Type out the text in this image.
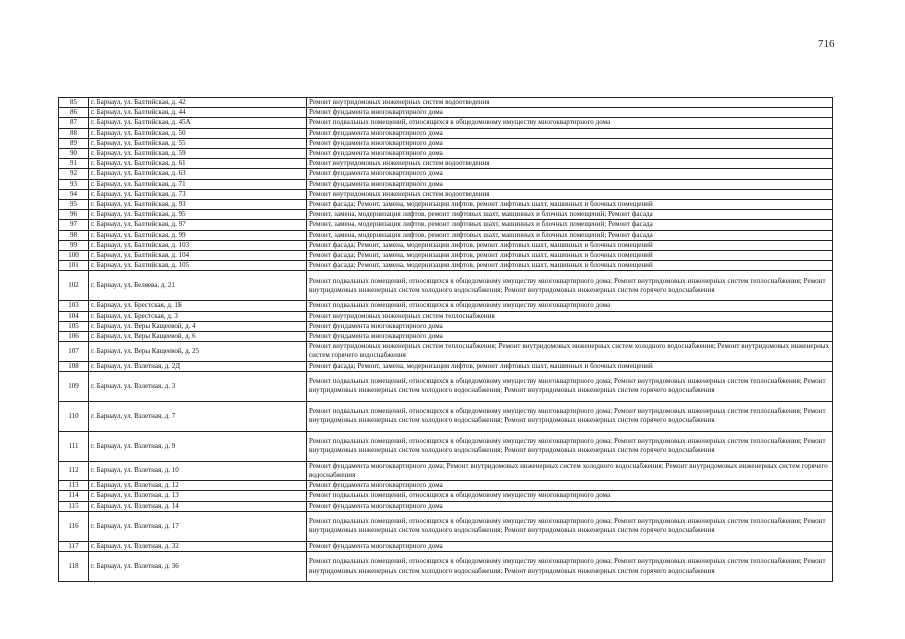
716
85	г. Барнаул, ул. Балтийская, д. 42	Ремонт внутридомовых инженерных систем водоотведения
86	г. Барнаул, ул. Балтийская, д. 44	Ремонт фундамента многоквартирного дома
87	г. Барнаул, ул. Балтийская, д. 45А	Ремонт подвальных помещений, относящихся к общедомовому имуществу многоквартирного дома
88	г. Барнаул, ул. Балтийская, д. 50	Ремонт фундамента многоквартирного дома
89	г. Барнаул, ул. Балтийская, д. 55	Ремонт фундамента многоквартирного дома
90	г. Барнаул, ул. Балтийская, д. 59	Ремонт фундамента многоквартирного дома
91	г. Барнаул, ул. Балтийская, д. 61	Ремонт внутридомовых инженерных систем водоотведения
92	г. Барнаул, ул. Балтийская, д. 63	Ремонт фундамента многоквартирного дома
93	г. Барнаул, ул. Балтийская, д. 71	Ремонт фундамента многоквартирного дома
94	г. Барнаул, ул. Балтийская, д. 73	Ремонт внутридомовых инженерных систем водоотведения
95	г. Барнаул, ул. Балтийская, д. 93	Ремонт фасада; Ремонт, замена, модернизация лифтов, ремонт лифтовых шахт, машинных и блочных помещений
96	г. Барнаул, ул. Балтийская, д. 95	Ремонт, замена, модернизация лифтов, ремонт лифтовых шахт, машинных и блочных помещений; Ремонт фасада
97	г. Барнаул, ул. Балтийская, д. 97	Ремонт, замена, модернизация лифтов, ремонт лифтовых шахт, машинных и блочных помещений; Ремонт фасада
98	г. Барнаул, ул. Балтийская, д. 99	Ремонт, замена, модернизация лифтов, ремонт лифтовых шахт, машинных и блочных помещений; Ремонт фасада
99	г. Барнаул, ул. Балтийская, д. 103	Ремонт фасада; Ремонт, замена, модернизация лифтов, ремонт лифтовых шахт, машинных и блочных помещений
100	г. Барнаул, ул. Балтийская, д. 104	Ремонт фасада; Ремонт, замена, модернизация лифтов, ремонт лифтовых шахт, машинных и блочных помещений
101	г. Барнаул, ул. Балтийская, д. 105	Ремонт фасада; Ремонт, замена, модернизация лифтов, ремонт лифтовых шахт, машинных и блочных помещений
102	г. Барнаул, ул. Беляева, д. 21	Ремонт подвальных помещений, относящихся к общедомовому имуществу многоквартирного дома; Ремонт внутридомовых инженерных систем теплоснабжения; Ремонт внутридомовых инженерных систем холодного водоснабжения; Ремонт внутридомовых инженерных систем горячего водоснабжения
103	г. Барнаул, ул. Брестская, д. 1Б	Ремонт подвальных помещений, относящихся к общедомовому имуществу многоквартирного дома
104	г. Барнаул, ул. Брестская, д. 3	Ремонт внутридомовых инженерных систем теплоснабжения
105	г. Барнаул, ул. Веры Кащеевой, д. 4	Ремонт фундамента многоквартирного дома
106	г. Барнаул, ул. Веры Кащеевой, д. 6	Ремонт фундамента многоквартирного дома
107	г. Барнаул, ул. Веры Кащеевой, д. 25	Ремонт внутридомовых инженерных систем теплоснабжения; Ремонт внутридомовых инженерных систем холодного водоснабжения; Ремонт внутридомовых инженерных систем горячего водоснабжения
108	г. Барнаул, ул. Взлетная, д. 2Д	Ремонт фасада; Ремонт, замена, модернизация лифтов, ремонт лифтовых шахт, машинных и блочных помещений
109	г. Барнаул, ул. Взлетная, д. 3	Ремонт подвальных помещений, относящихся к общедомовому имуществу многоквартирного дома; Ремонт внутридомовых инженерных систем теплоснабжения; Ремонт внутридомовых инженерных систем холодного водоснабжения; Ремонт внутридомовых инженерных систем горячего водоснабжения
110	г. Барнаул, ул. Взлетная, д. 7	Ремонт подвальных помещений, относящихся к общедомовому имуществу многоквартирного дома; Ремонт внутридомовых инженерных систем теплоснабжения; Ремонт внутридомовых инженерных систем холодного водоснабжения; Ремонт внутридомовых инженерных систем горячего водоснабжения
111	г. Барнаул, ул. Взлетная, д. 9	Ремонт подвальных помещений, относящихся к общедомовому имуществу многоквартирного дома; Ремонт внутридомовых инженерных систем теплоснабжения; Ремонт внутридомовых инженерных систем холодного водоснабжения; Ремонт внутридомовых инженерных систем горячего водоснабжения
112	г. Барнаул, ул. Взлетная, д. 10	Ремонт фундамента многоквартирного дома; Ремонт внутридомовых инженерных систем холодного водоснабжения; Ремонт внутридомовых инженерных систем горячего водоснабжения
113	г. Барнаул, ул. Взлетная, д. 12	Ремонт фундамента многоквартирного дома
114	г. Барнаул, ул. Взлетная, д. 13	Ремонт подвальных помещений, относящихся к общедомовому имуществу многоквартирного дома
115	г. Барнаул, ул. Взлетная, д. 14	Ремонт фундамента многоквартирного дома
116	г. Барнаул, ул. Взлетная, д. 17	Ремонт подвальных помещений, относящихся к общедомовому имуществу многоквартирного дома; Ремонт внутридомовых инженерных систем теплоснабжения; Ремонт внутридомовых инженерных систем холодного водоснабжения; Ремонт внутридомовых инженерных систем горячего водоснабжения
117	г. Барнаул, ул. Взлетная, д. 32	Ремонт фундамента многоквартирного дома
118	г. Барнаул, ул. Взлетная, д. 36	Ремонт подвальных помещений, относящихся к общедомовому имуществу многоквартирного дома; Ремонт внутридомовых инженерных систем теплоснабжения; Ремонт внутридомовых инженерных систем холодного водоснабжения; Ремонт внутридомовых инженерных систем горячего водоснабжения
